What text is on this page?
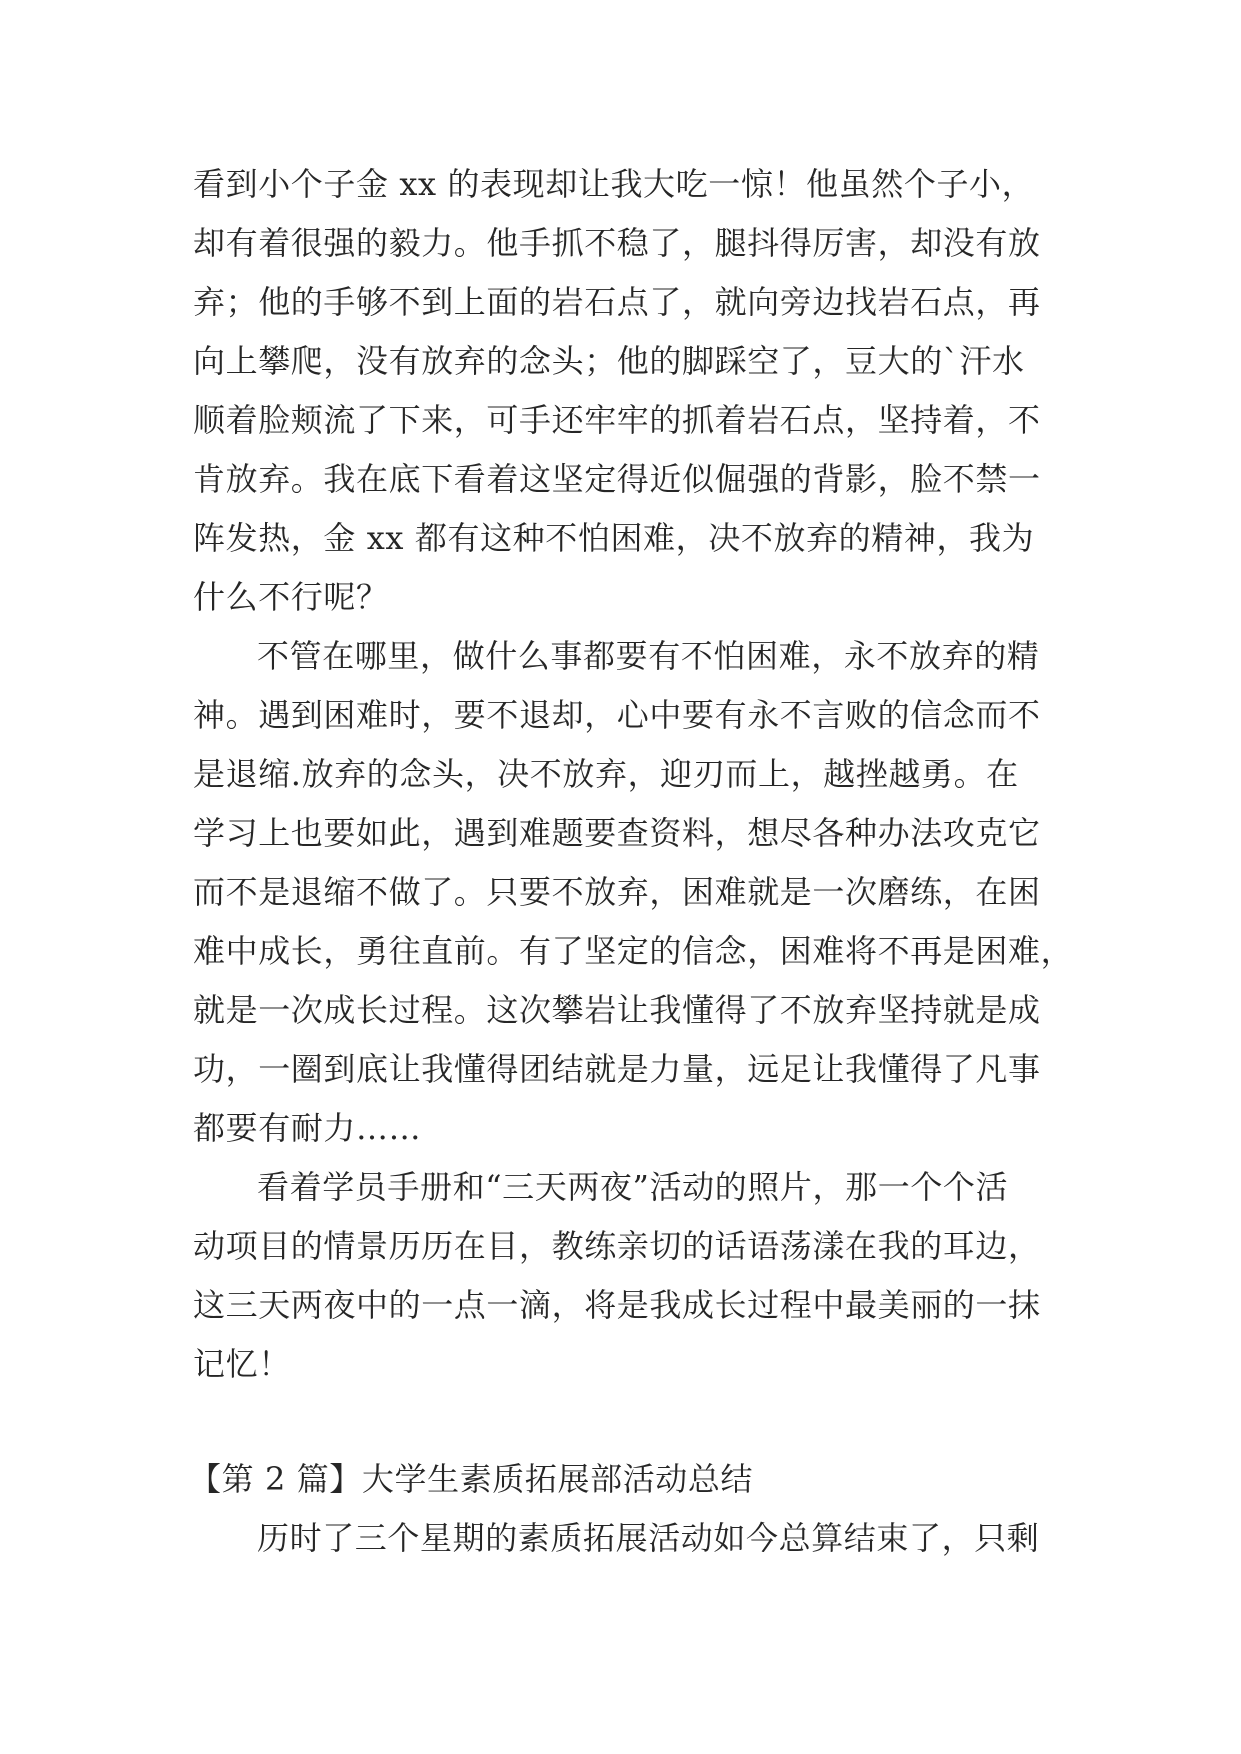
看到小个子金 xx 的表现却让我大吃一惊！他虽然个子小，
却有着很强的毅力。他手抓不稳了，腿抖得厉害，却没有放
弃；他的手够不到上面的岩石点了，就向旁边找岩石点，再
向上攀爬，没有放弃的念头；他的脚踩空了，豆大的`汗水
顺着脸颊流了下来，可手还牢牢的抓着岩石点，坚持着，不
肯放弃。我在底下看着这坚定得近似倔强的背影，脸不禁一
阵发热，金 xx 都有这种不怕困难，决不放弃的精神，我为
什么不行呢？
不管在哪里，做什么事都要有不怕困难，永不放弃的精
神。遇到困难时，要不退却，心中要有永不言败的信念而不
是退缩.放弃的念头，决不放弃，迎刃而上，越挫越勇。在
学习上也要如此，遇到难题要查资料，想尽各种办法攻克它
而不是退缩不做了。只要不放弃，困难就是一次磨练，在困
难中成长，勇往直前。有了坚定的信念，困难将不再是困难，
就是一次成长过程。这次攀岩让我懂得了不放弃坚持就是成
功，一圈到底让我懂得团结就是力量，远足让我懂得了凡事
都要有耐力……
看着学员手册和“三天两夜”活动的照片，那一个个活
动项目的情景历历在目，教练亲切的话语荡漾在我的耳边，
这三天两夜中的一点一滴，将是我成长过程中最美丽的一抹
记忆！
【第 2 篇】大学生素质拓展部活动总结
历时了三个星期的素质拓展活动如今总算结束了，只剩
